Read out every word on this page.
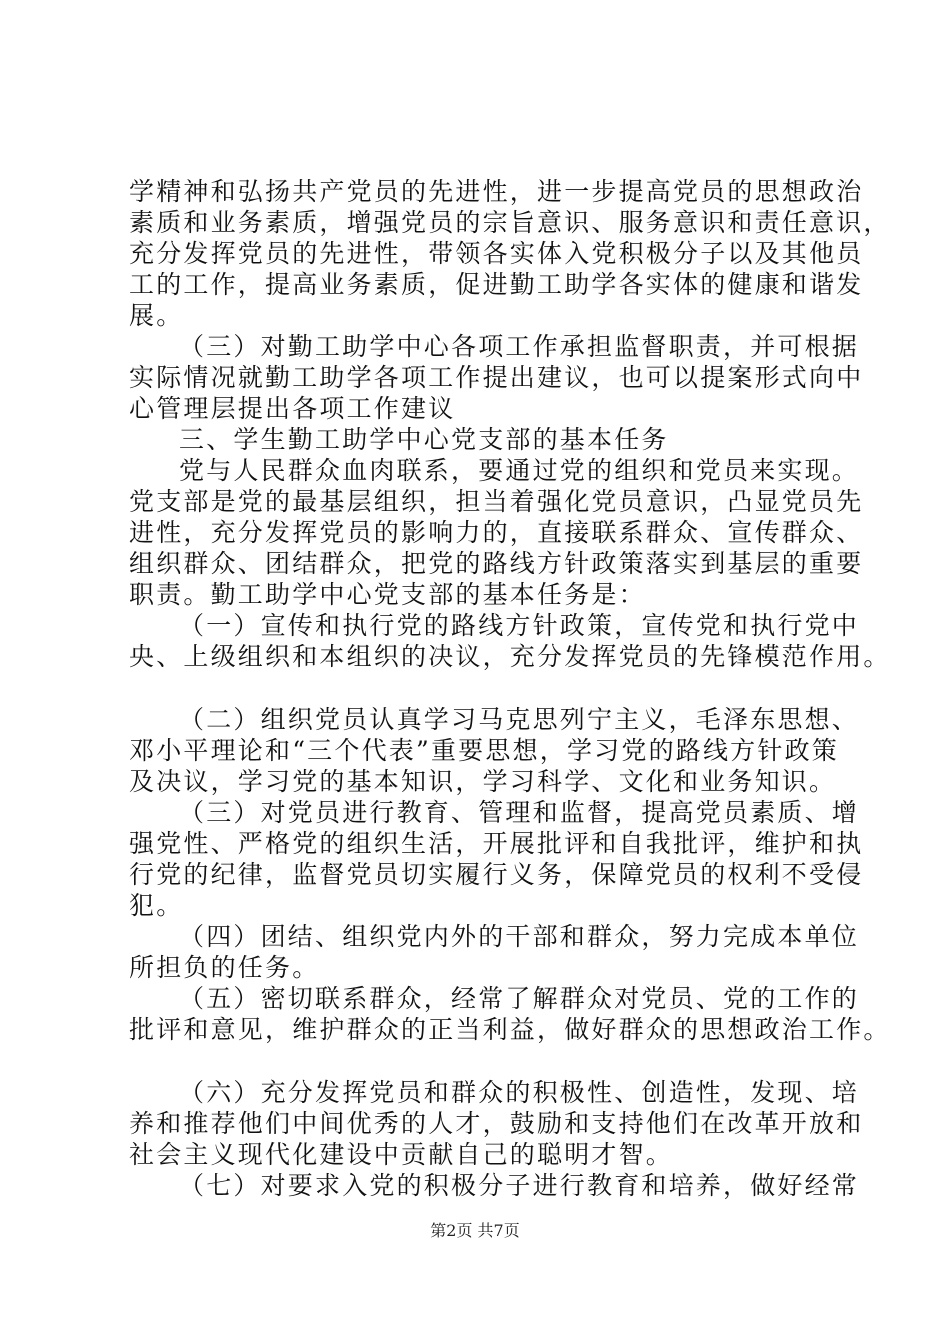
学精神和弘扬共产党员的先进性，进一步提高党员的思想政治
素质和业务素质，增强党员的宗旨意识、服务意识和责任意识，
充分发挥党员的先进性，带领各实体入党积极分子以及其他员
工的工作，提高业务素质，促进勤工助学各实体的健康和谐发
展。
（三）对勤工助学中心各项工作承担监督职责，并可根据
实际情况就勤工助学各项工作提出建议，也可以提案形式向中
心管理层提出各项工作建议
三、学生勤工助学中心党支部的基本任务
党与人民群众血肉联系，要通过党的组织和党员来实现。
党支部是党的最基层组织，担当着强化党员意识，凸显党员先
进性，充分发挥党员的影响力的，直接联系群众、宣传群众、
组织群众、团结群众，把党的路线方针政策落实到基层的重要
职责。勤工助学中心党支部的基本任务是：
（一）宣传和执行党的路线方针政策，宣传党和执行党中
央、上级组织和本组织的决议，充分发挥党员的先锋模范作用。
（二）组织党员认真学习马克思列宁主义，毛泽东思想、
邓小平理论和“三个代表”重要思想，学习党的路线方针政策
及决议，学习党的基本知识，学习科学、文化和业务知识。
（三）对党员进行教育、管理和监督，提高党员素质、增
强党性、严格党的组织生活，开展批评和自我批评，维护和执
行党的纪律，监督党员切实履行义务，保障党员的权利不受侵
犯。
（四）团结、组织党内外的干部和群众，努力完成本单位
所担负的任务。
（五）密切联系群众，经常了解群众对党员、党的工作的
批评和意见，维护群众的正当利益，做好群众的思想政治工作。
（六）充分发挥党员和群众的积极性、创造性，发现、培
养和推荐他们中间优秀的人才，鼓励和支持他们在改革开放和
社会主义现代化建设中贡献自己的聪明才智。
（七）对要求入党的积极分子进行教育和培养，做好经常
第2页 共7页
